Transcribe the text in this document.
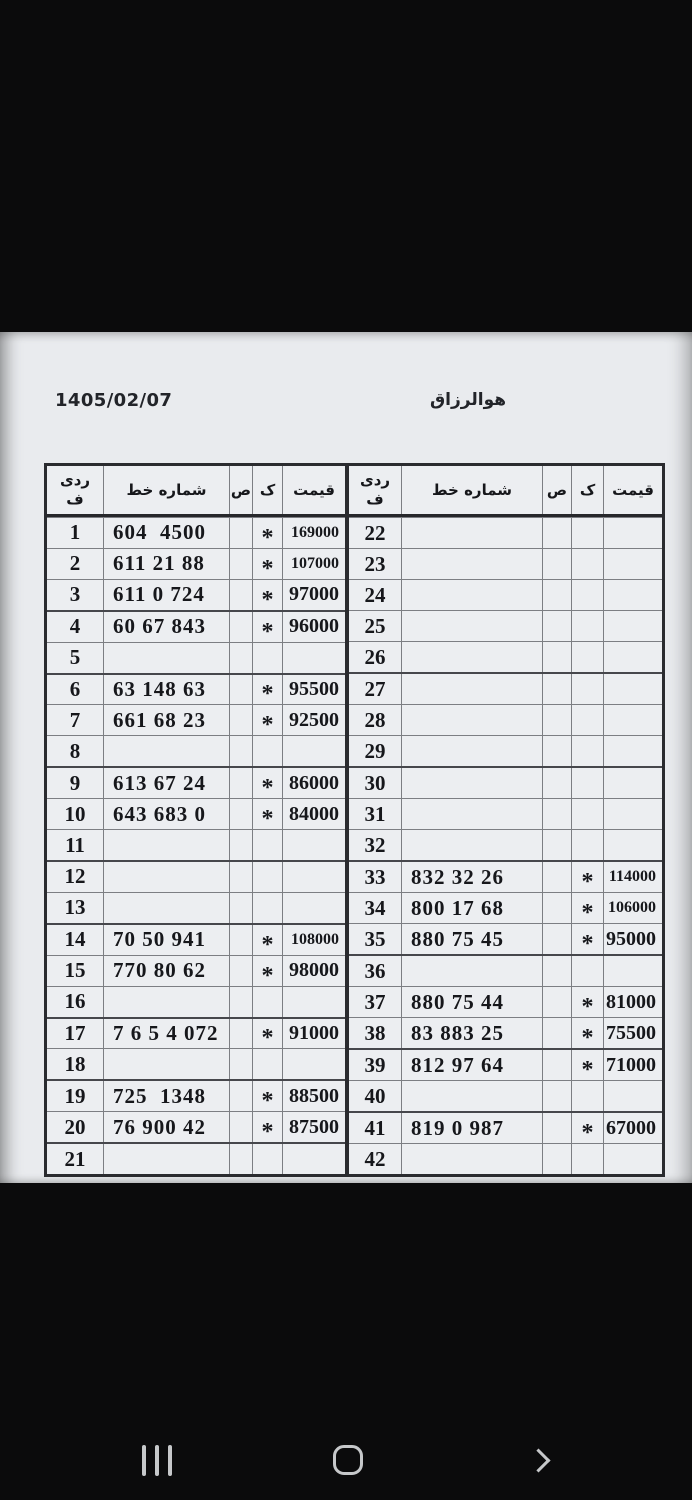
1405/02/07	هوالرزاق
ردی
ف	شماره خط	ص ک	قیمت
1	604  4500	*	169000
2	611 21 88	*	107000
3	611 0 724	* 97000
4	60 67 843	* 96000
5
6	63 148 63	* 95500
7	661 68 23	* 92500
8
9	613 67 24	* 86000
10	643 683 0	* 84000
11
12
13
14	70 50 941	*	108000
15	770 80 62	* 98000
16
17	7 6 5 4 072	* 91000
18
19	725  1348	* 88500
20	76 900 42	* 87500
21
ردی
ف	شماره خط	ص ک	قیمت
22
23
24
25
26
27
28
29
30
31
32
33	832 32 26	* 114000
34	800 17 68	* 106000
35	880 75 45	* 95000
36
37	880 75 44	* 81000
38	83 883 25	* 75500
39	812 97 64	* 71000
40
41	819 0 987	* 67000
42
